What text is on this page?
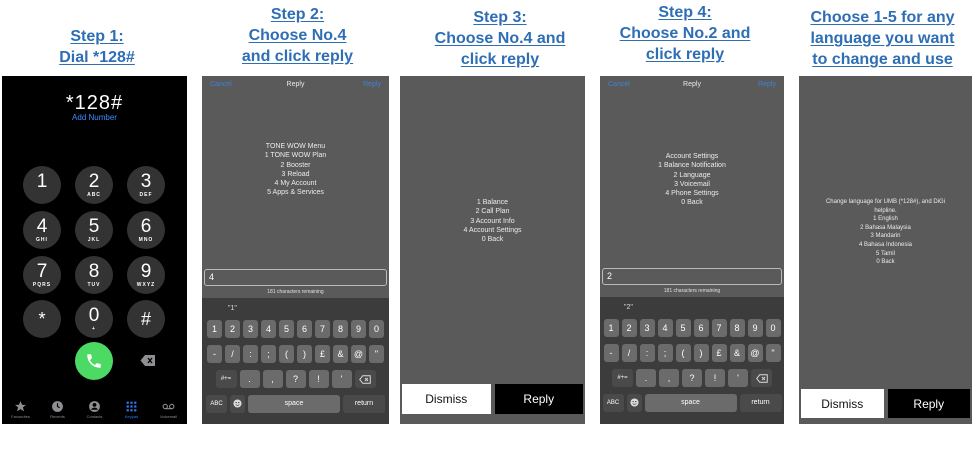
Step 1:
Dial *128#
Step 2:
Choose No.4
and click reply
Step 3:
Choose No.4 and
click reply
Step 4:
Choose No.2 and
click reply
Choose 1-5 for any
language you want
to change and use
*128#
Add Number
1	2
ABC
3
DEF
4
GHI
5
JKL
6
MNO
7
PQRS
8
TUV
9
WXYZ
*	0
+	#
Favourites	Recents	Contacts	Keypad	Voicemail
Cancel	Reply	Reply
TONE WOW Menu
1 TONE WOW Plan
2 Booster
3 Reload
4 My Account
5 Apps & Services
4
181 characters remaining
"1"
1	2	3	4	5	6	7	8	9	0
-	/	:	;	(	)	£	&	@	"
#+=	.	,	?	!	'
ABC	space	return
1 Balance
2 Call Plan
3 Account Info
4 Account Settings
0 Back
Dismiss	Reply
Cancel	Reply	Reply
Account Settings
1 Balance Notification
2 Language
3 Voicemail
4 Phone Settings
0 Back
2
181 characters remaining
"2"
1	2	3	4	5	6	7	8	9	0
-	/	:	;	(	)	£	&	@	"
#+=	.	,	?	!	'
ABC	space	return
Change language for UMB (*128#), and DiGi
helpline.
1 English
2 Bahasa Malaysia
3 Mandarin
4 Bahasa Indonesia
5 Tamil
0 Back
Dismiss	Reply
